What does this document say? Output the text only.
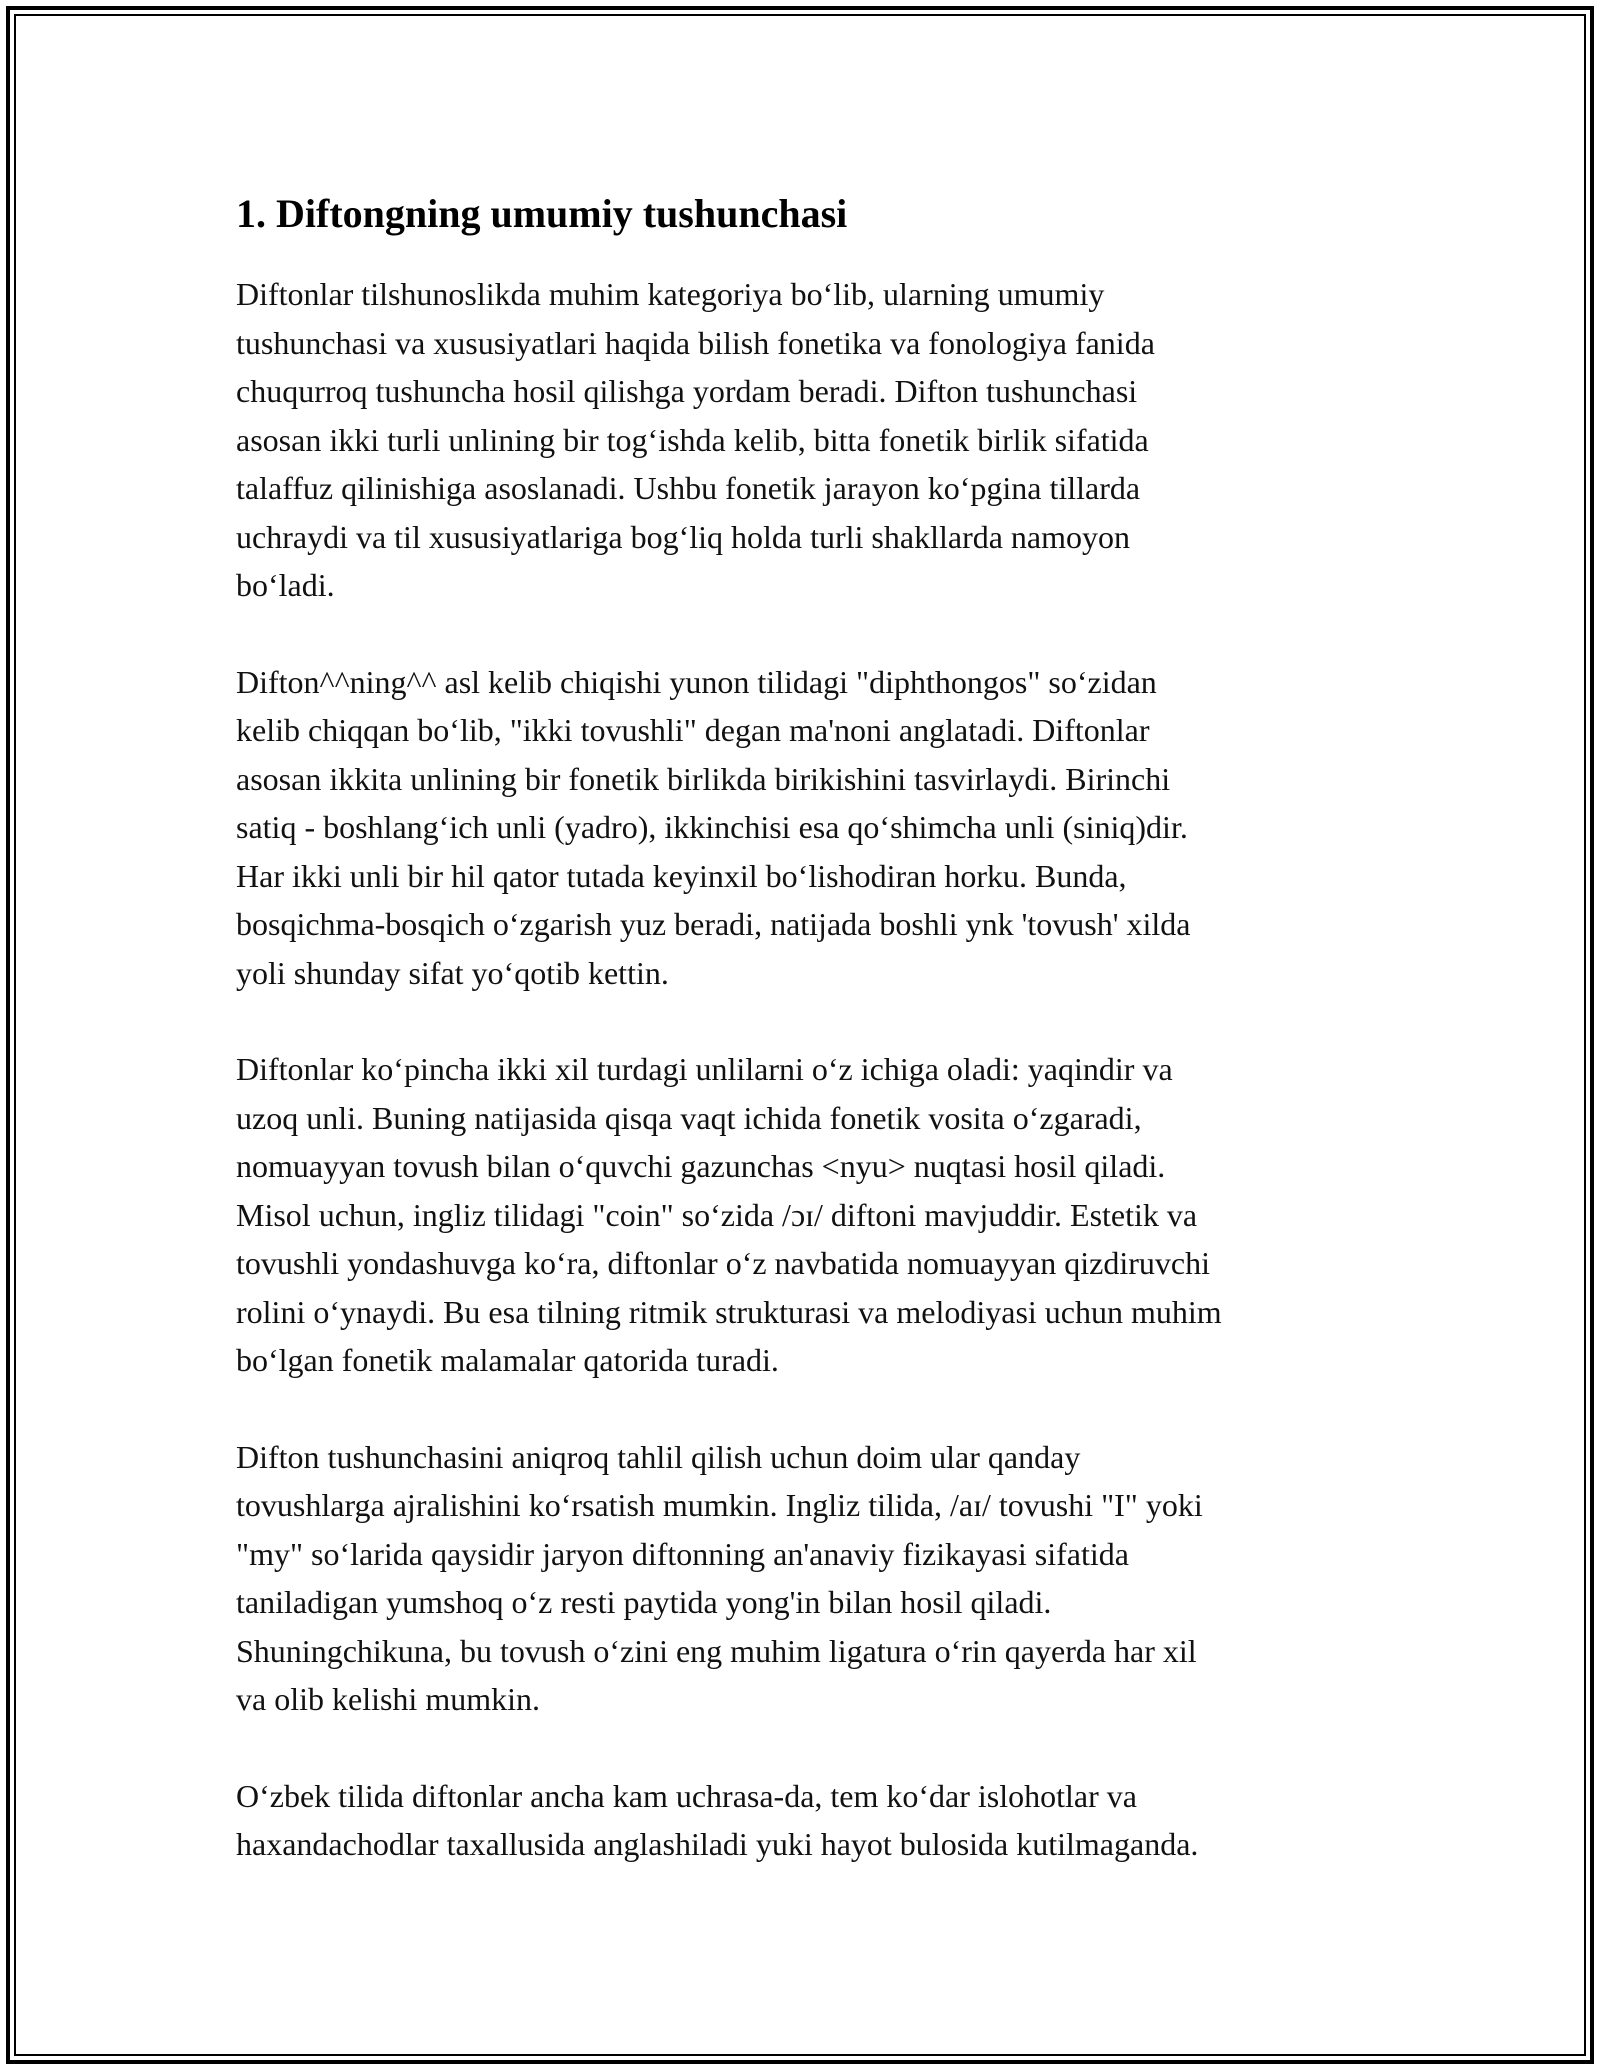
1. Diftongning umumiy tushunchasi

Diftonlar tilshunoslikda muhim kategoriya bo‘lib, ularning umumiy
tushunchasi va xususiyatlari haqida bilish fonetika va fonologiya fanida
chuqurroq tushuncha hosil qilishga yordam beradi. Difton tushunchasi
asosan ikki turli unlining bir tog‘ishda kelib, bitta fonetik birlik sifatida
talaffuz qilinishiga asoslanadi. Ushbu fonetik jarayon ko‘pgina tillarda
uchraydi va til xususiyatlariga bog‘liq holda turli shakllarda namoyon
bo‘ladi.

Difton^^ning^^ asl kelib chiqishi yunon tilidagi "diphthongos" so‘zidan
kelib chiqqan bo‘lib, "ikki tovushli" degan ma'noni anglatadi. Diftonlar
asosan ikkita unlining bir fonetik birlikda birikishini tasvirlaydi. Birinchi
satiq - boshlang‘ich unli (yadro), ikkinchisi esa qo‘shimcha unli (siniq)dir.
Har ikki unli bir hil qator tutada keyinxil bo‘lishodiran horku. Bunda,
bosqichma-bosqich o‘zgarish yuz beradi, natijada boshli ynk 'tovush' xilda
yoli shunday sifat yo‘qotib kettin.

Diftonlar ko‘pincha ikki xil turdagi unlilarni o‘z ichiga oladi: yaqindir va
uzoq unli. Buning natijasida qisqa vaqt ichida fonetik vosita o‘zgaradi,
nomuayyan tovush bilan o‘quvchi gazunchas <nyu> nuqtasi hosil qiladi.
Misol uchun, ingliz tilidagi "coin" so‘zida /ɔɪ/ diftoni mavjuddir. Estetik va
tovushli yondashuvga ko‘ra, diftonlar o‘z navbatida nomuayyan qizdiruvchi
rolini o‘ynaydi. Bu esa tilning ritmik strukturasi va melodiyasi uchun muhim
bo‘lgan fonetik malamalar qatorida turadi.

Difton tushunchasini aniqroq tahlil qilish uchun doim ular qanday
tovushlarga ajralishini ko‘rsatish mumkin. Ingliz tilida, /aɪ/ tovushi "I" yoki
"my" so‘larida qaysidir jaryon diftonning an'anaviy fizikayasi sifatida
taniladigan yumshoq o‘z resti paytida yong'in bilan hosil qiladi.
Shuningchikuna, bu tovush o‘zini eng muhim ligatura o‘rin qayerda har xil
va olib kelishi mumkin.

O‘zbek tilida diftonlar ancha kam uchrasa-da, tem ko‘dar islohotlar va
haxandachodlar taxallusida anglashiladi yuki hayot bulosida kutilmaganda.
